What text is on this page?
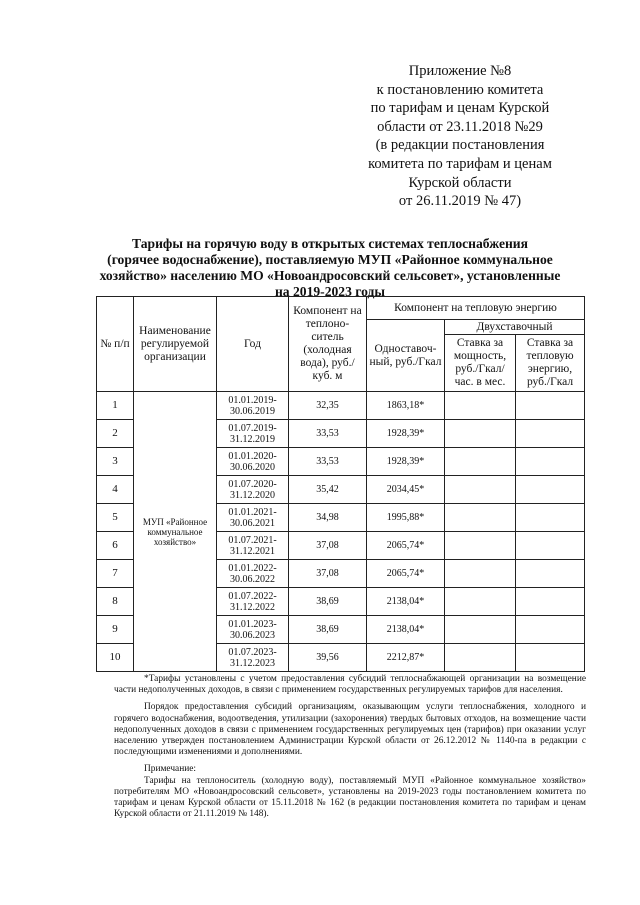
Приложение №8
к постановлению комитета
по тарифам и ценам Курской
области от 23.11.2018 №29
(в редакции постановления
комитета по тарифам и ценам
Курской области
от 26.11.2019 № 47)
Тарифы на горячую воду в открытых системах теплоснабжения
(горячее водоснабжение), поставляемую МУП «Районное коммунальное
хозяйство» населению МО «Новоандросовский сельсовет», установленные
на 2019-2023 годы
№ п/п	Наименование регулируемой организации	Год	Компонент на теплоно-ситель (холодная вода), руб./куб. м	Компонент на тепловую энергию		
				Одноставоч-ный, руб./Гкал	Двухставочный	
					Ставка за мощность, руб./Гкал/час. в мес.	Ставка за тепловую энергию, руб./Гкал
1	МУП «Районное коммунальное хозяйство»	01.01.2019-30.06.2019	32,35	1863,18*		
2		01.07.2019-31.12.2019	33,53	1928,39*		
3		01.01.2020-30.06.2020	33,53	1928,39*		
4		01.07.2020-31.12.2020	35,42	2034,45*		
5		01.01.2021-30.06.2021	34,98	1995,88*		
6		01.07.2021-31.12.2021	37,08	2065,74*		
7		01.01.2022-30.06.2022	37,08	2065,74*		
8		01.07.2022-31.12.2022	38,69	2138,04*		
9		01.01.2023-30.06.2023	38,69	2138,04*		
10		01.07.2023-31.12.2023	39,56	2212,87*		

*Тарифы установлены с учетом предоставления субсидий теплоснабжающей организации на возмещение части недополученных доходов, в связи с применением государственных регулируемых тарифов для населения.

Порядок предоставления субсидий организациям, оказывающим услуги теплоснабжения, холодного и горячего водоснабжения, водоотведения, утилизации (захоронения) твердых бытовых отходов, на возмещение части недополученных доходов в связи с применением государственных регулируемых цен (тарифов) при оказании услуг населению утвержден постановлением Администрации Курской области от 26.12.2012 № 1140-па в редакции с последующими изменениями и дополнениями.

Примечание:

Тарифы на теплоноситель (холодную воду), поставляемый МУП «Районное коммунальное хозяйство» потребителям МО «Новоандросовский сельсовет», установлены на 2019-2023 годы постановлением комитета по тарифам и ценам Курской области от 15.11.2018 № 162 (в редакции постановления комитета по тарифам и ценам Курской области от 21.11.2019 № 148).
